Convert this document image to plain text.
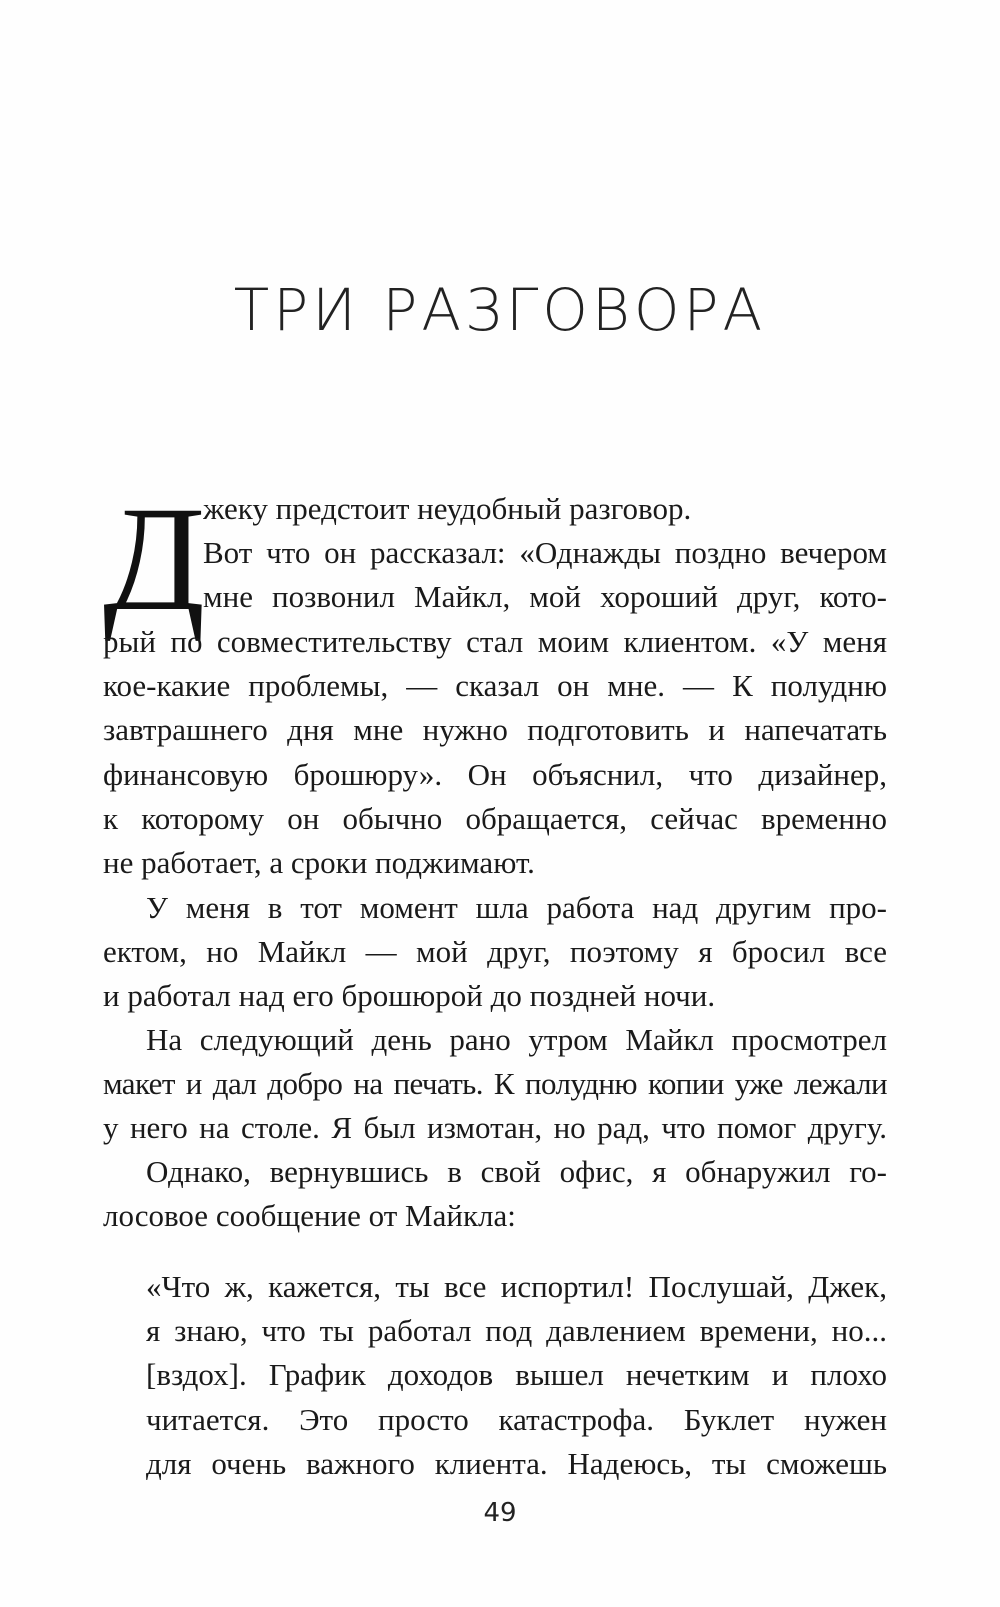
ТРИ РАЗГОВОРА
Д
жеку предстоит неудобный разговор.
Вот что он рассказал: «Однажды поздно вечером
мне позвонил Майкл, мой хороший друг, кото-
рый по совместительству стал моим клиентом. «У меня
кое-какие проблемы, — сказал он мне. — К полудню
завтрашнего дня мне нужно подготовить и напечатать
финансовую брошюру». Он объяснил, что дизайнер,
к которому он обычно обращается, сейчас временно
не работает, а сроки поджимают.
У меня в тот момент шла работа над другим про-
ектом, но Майкл — мой друг, поэтому я бросил все
и работал над его брошюрой до поздней ночи.
На следующий день рано утром Майкл просмотрел
макет и дал добро на печать. К полудню копии уже лежали
у него на столе. Я был измотан, но рад, что помог другу.
Однако, вернувшись в свой офис, я обнаружил го-
лосовое сообщение от Майкла:
«Что ж, кажется, ты все испортил! Послушай, Джек,
я знаю, что ты работал под давлением времени, но...
[вздох]. График доходов вышел нечетким и плохо
читается. Это просто катастрофа. Буклет нужен
для очень важного клиента. Надеюсь, ты сможешь
49
